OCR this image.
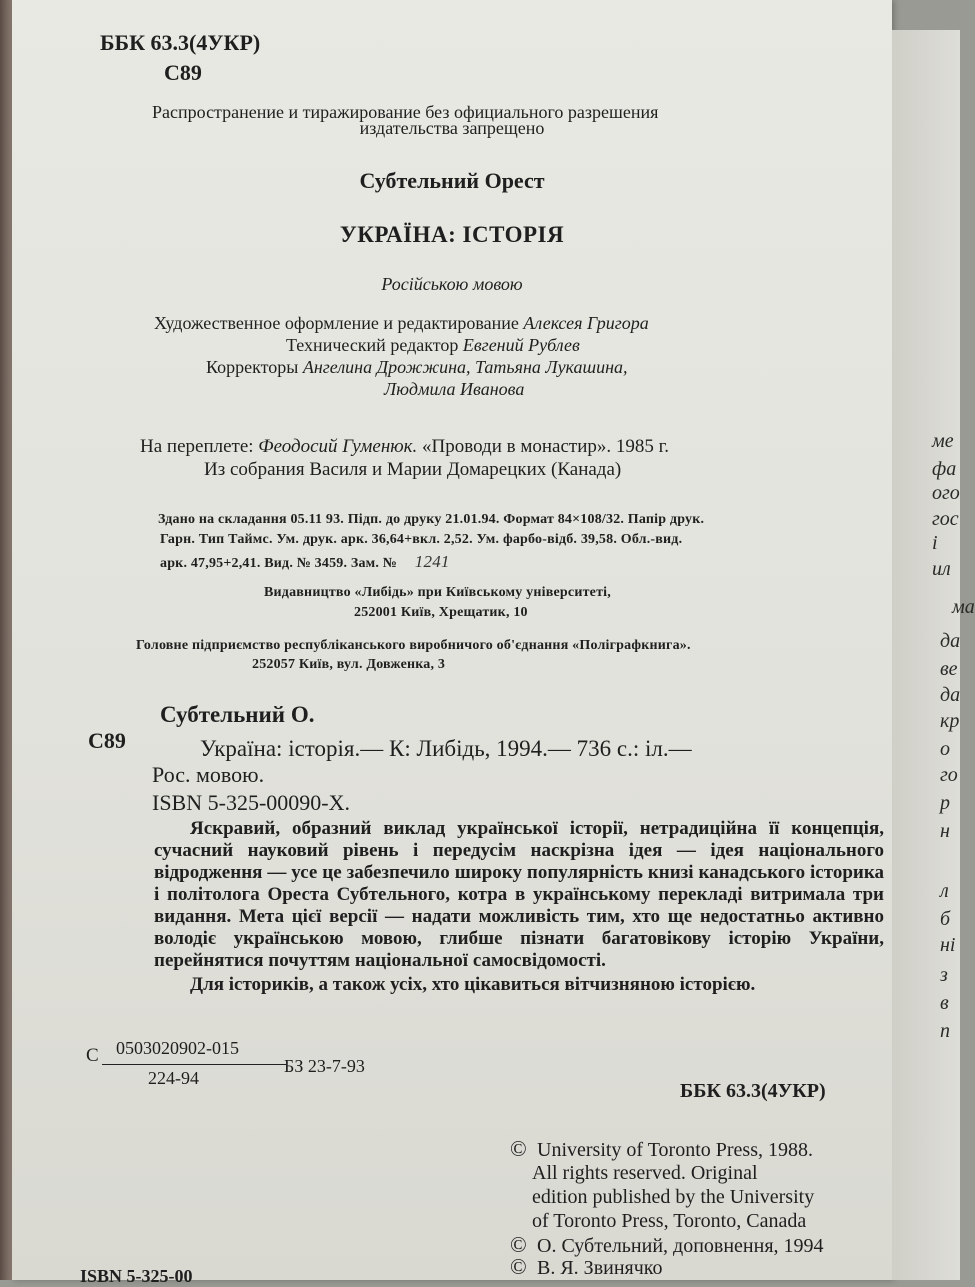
ББК 63.3(4УКР)
С89
Распространение и тиражирование без официального разрешения
издательства запрещено
Субтельний Орест
УКРАЇНА: ІСТОРІЯ
Російською мовою
Художественное оформление и редактирование Алексея Григора
Технический редактор Евгений Рублев
Корректоры Ангелина Дрожжина, Татьяна Лукашина,
Людмила Иванова
На переплете: Феодосий Гуменюк. «Проводи в монастир». 1985 г.
Из собрания Василя и Марии Домарецких (Канада)
Здано на складання 05.11 93. Підп. до друку 21.01.94. Формат 84×108/32. Папір друк.
Гарн. Тип Таймс. Ум. друк. арк. 36,64+вкл. 2,52. Ум. фарбо-відб. 39,58. Обл.-вид.
арк. 47,95+2,41. Вид. № 3459. Зам. № 1241
Видавництво «Либідь» при Київському університеті,
252001 Київ, Хрещатик, 10
Головне підприємство республіканського виробничого об'єднання «Поліграфкнига».
252057 Київ, вул. Довженка, 3
Субтельний О.
С89	Україна: історія.— К: Либідь, 1994.— 736 с.: іл.—
Рос. мовою.
ISBN 5-325-00090-Х.

Яскравий, образний виклад української історії, нетрадиційна її концепція, сучасний науковий рівень і передусім наскрізна ідея — ідея національного відродження — усе це забезпечило широку популярність книзі канадського історика і політолога Ореста Субтельного, котра в українському перекладі витримала три видання. Мета цієї версії — надати можливість тим, хто ще недостатньо активно володіє українською мовою, глибше пізнати багатовікову історію України, перейнятися почуттям національної самосвідомості.

Для істориків, а також усіх, хто цікавиться вітчизняною історією.

С 0503020902-015
224-94
БЗ 23-7-93
ББК 63.3(4УКР)
© University of Toronto Press, 1988.
All rights reserved. Original
edition published by the University
of Toronto Press, Toronto, Canada
© О. Субтельний, доповнення, 1994
© В. Я. Звинячко
ISBN 5-325-00
ме
фа
ого
гос
і
ил
ма
да
ве
да
кр
о
го
р
н
л
б
ні
з
в
п
